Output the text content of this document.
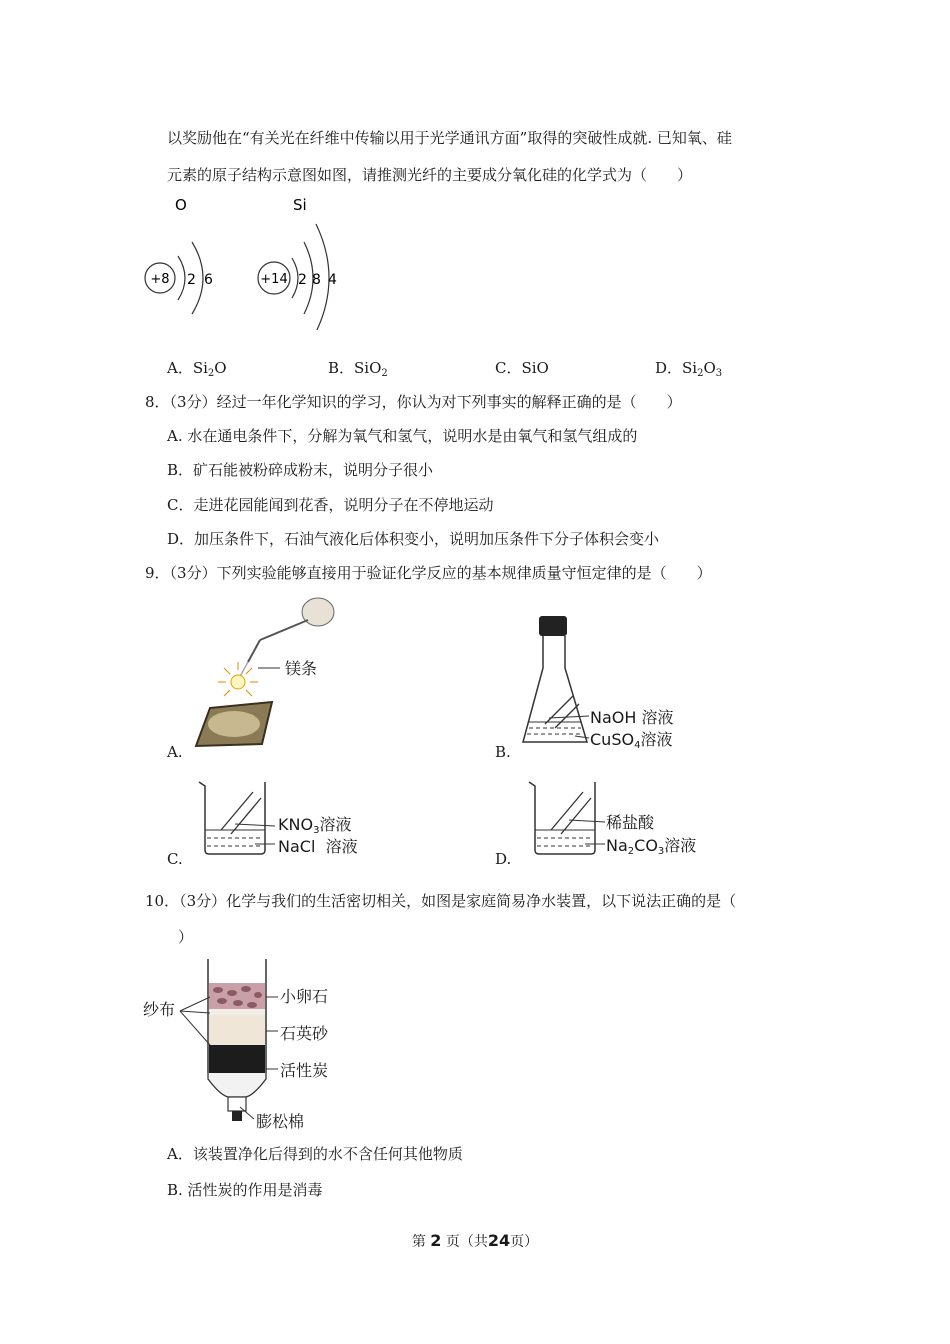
以奖励他在“有关光在纤维中传输以用于光学通讯方面”取得的突破性成就. 已知氧、硅
元素的原子结构示意图如图，请推测光纤的主要成分氧化硅的化学式为（　　）
O
+8 2 6
Si
+14 2 8 4
A．$Si_2O$	B．SiO$_2$	C．SiO	D．$Si_2O_3$
8．（3分）经过一年化学知识的学习，你认为对下列事实的解释正确的是（　　）
A. 水在通电条件下，分解为氧气和氢气，说明水是由氧气和氢气组成的
B．矿石能被粉碎成粉末，说明分子很小
C．走进花园能闻到花香，说明分子在不停地运动
D．加压条件下，石油气液化后体积变小，说明加压条件下分子体积会变小
9．（3分）下列实验能够直接用于验证化学反应的基本规律质量守恒定律的是（　　）
镁条
A.
NaOH 溶液
CuSO$_4$溶液
B.
$KNO_3$溶液
NaCl 溶液
C.
稀盐酸
$Na_2CO_3$溶液
D.
10．（3分）化学与我们的生活密切相关，如图是家庭简易净水装置，以下说法正确的是（
）
纱布
小卵石
石英砂
活性炭
膨松棉
A．该装置净化后得到的水不含任何其他物质
B. 活性炭的作用是消毒
第 2 页（共24页）
